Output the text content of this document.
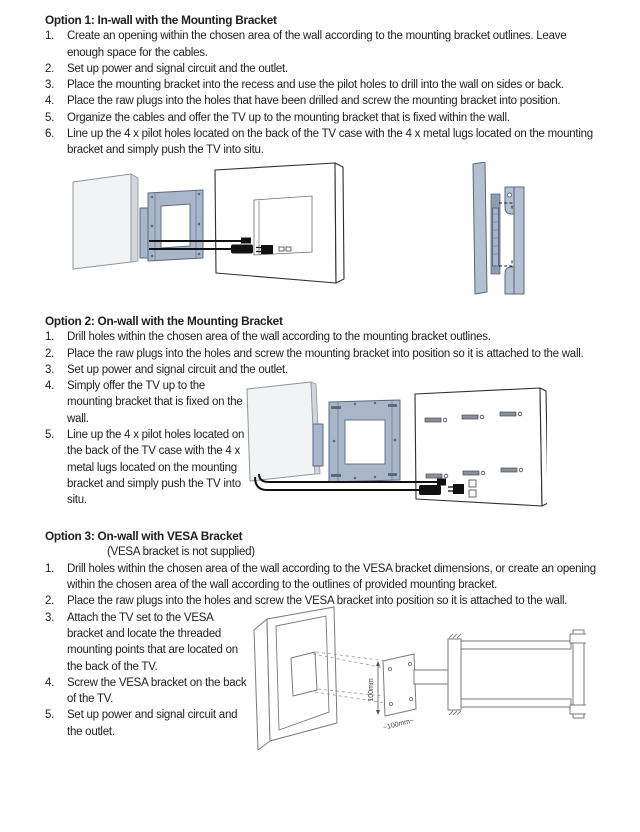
Option 1: In-wall with the Mounting Bracket
1.	Create an opening within the chosen area of the wall according to the mounting bracket outlines. Leave enough space for the cables.
2.	Set up power and signal circuit and the outlet.
3.	Place the mounting bracket into the recess and use the pilot holes to drill into the wall on sides or back.
4.	Place the raw plugs into the holes that have been drilled and screw the mounting bracket into position.
5.	Organize the cables and offer the TV up to the mounting bracket that is fixed within the wall.
6.	Line up the 4 x pilot holes located on the back of the TV case with the 4 x metal lugs located on the mounting bracket and simply push the TV into situ.
Option 2: On-wall with the Mounting Bracket
1.	Drill holes within the chosen area of the wall according to the mounting bracket outlines.
2.	Place the raw plugs into the holes and screw the mounting bracket into position so it is attached to the wall.
3.	Set up power and signal circuit and the outlet.
4.	Simply offer the TV up to the mounting bracket that is fixed on the wall.
5.	Line up the 4 x pilot holes located on the back of the TV case with the 4 x metal lugs located on the mounting bracket and simply push the TV into situ.
Option 3: On-wall with VESA Bracket
(VESA bracket is not supplied)
1.	Drill holes within the chosen area of the wall according to the VESA bracket dimensions, or create an opening within the chosen area of the wall according to the outlines of provided mounting bracket.
2.	Place the raw plugs into the holes and screw the VESA bracket into position so it is attached to the wall.
3.	Attach the TV set to the VESA bracket and locate the threaded mounting points that are located on the back of the TV.
4.	Screw the VESA bracket on the back of the TV.
5.	Set up power and signal circuit and the outlet.
100mm
~100mm~
